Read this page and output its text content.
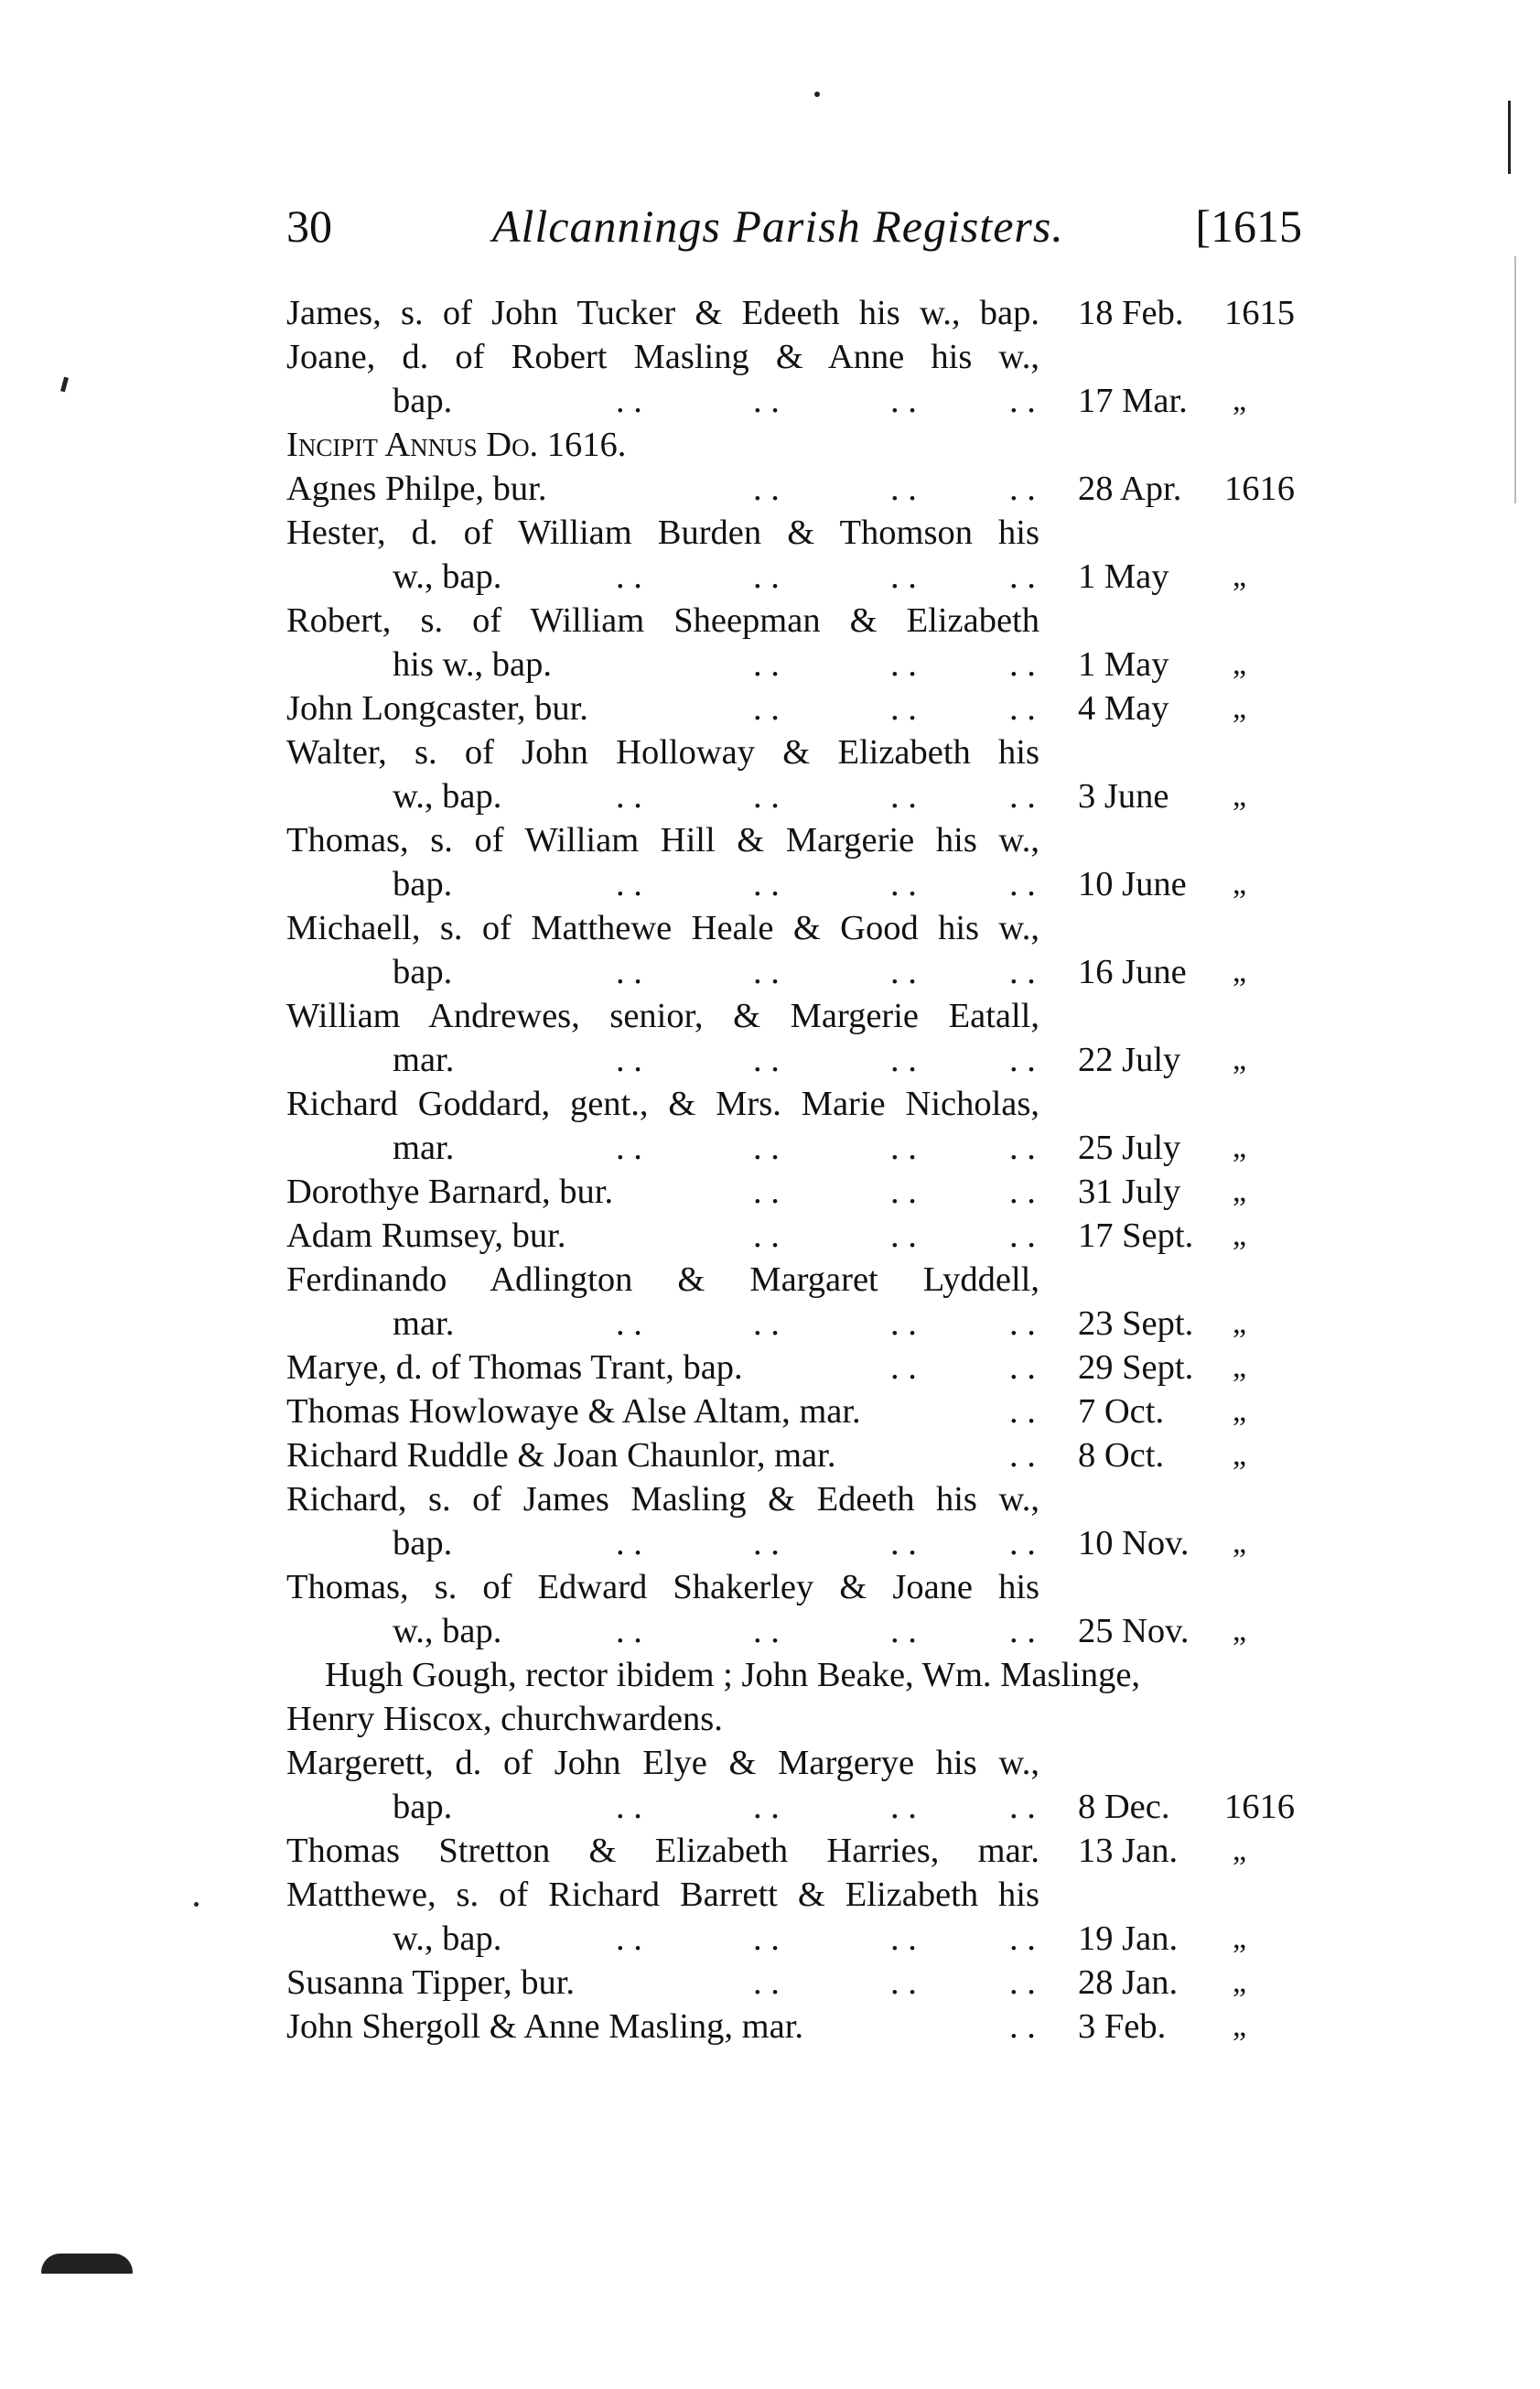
30	Allcannings Parish Registers.	[1615
James, s. of John Tucker & Edeeth his w., bap. 18 Feb. 1615
Joane, d. of Robert Masling & Anne his w.,
bap.	. .	. .	. .	. . 17 Mar. „
Incipit Annus Do. 1616.
Agnes Philpe, bur.	. .	. .	. . 28 Apr. 1616
Hester, d. of William Burden & Thomson his
w., bap.	. .	. .	. .	. . 1 May „
Robert, s. of William Sheepman & Elizabeth
his w., bap.	. .	. .	. . 1 May „
John Longcaster, bur.	. .	. .	. . 4 May „
Walter, s. of John Holloway & Elizabeth his
w., bap.	. .	. .	. .	. . 3 June „
Thomas, s. of William Hill & Margerie his w.,
bap.	. .	. .	. .	. . 10 June „
Michaell, s. of Matthewe Heale & Good his w.,
bap.	. .	. .	. .	. . 16 June „
William Andrewes, senior, & Margerie Eatall,
mar.	. .	. .	. .	. . 22 July „
Richard Goddard, gent., & Mrs. Marie Nicholas,
mar.	. .	. .	. .	. . 25 July „
Dorothye Barnard, bur.	. .	. .	. . 31 July „
Adam Rumsey, bur.	. .	. .	. . 17 Sept. „
Ferdinando Adlington & Margaret Lyddell,
mar.	. .	. .	. .	. . 23 Sept. „
Marye, d. of Thomas Trant, bap.	. .	. . 29 Sept. „
Thomas Howlowaye & Alse Altam, mar.	. . 7 Oct. „
Richard Ruddle & Joan Chaunlor, mar.	. . 8 Oct. „
Richard, s. of James Masling & Edeeth his w.,
bap.	. .	. .	. .	. . 10 Nov. „
Thomas, s. of Edward Shakerley & Joane his
w., bap.	. .	. .	. .	. . 25 Nov. „
Hugh Gough, rector ibidem ; John Beake, Wm. Maslinge,
Henry Hiscox, churchwardens.
Margerett, d. of John Elye & Margerye his w.,
bap.	. .	. .	. .	. . 8 Dec. 1616
Thomas Stretton & Elizabeth Harries, mar. 13 Jan. „
Matthewe, s. of Richard Barrett & Elizabeth his
w., bap.	. .	. .	. .	. . 19 Jan. „
Susanna Tipper, bur.	. .	. .	. . 28 Jan. „
John Shergoll & Anne Masling, mar.	. . 3 Feb. „
